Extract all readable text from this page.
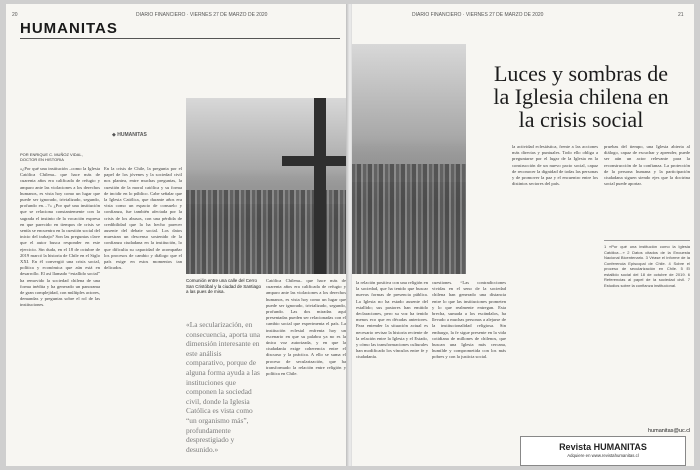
20	DIARIO FINANCIERO · VIERNES 27 DE MARZO DE 2020
HUMANITAS
◆ HUMANITAS
POR ENRIQUE C. MUÑOZ VIDAL, DOCTOR EN HISTORIA
«¿Por qué una institución –como la Iglesia Católica Chilena– que hace más de cuarenta años era calificada de refugio y amparo ante las violaciones a los derechos humanos, es vista hoy como un lugar que puede ser ignorado, trivializado, segundo, profundo en…?» ¿Por qué una institución que se relaciona constantemente con la sagrada el instinto de la vocación expresa en que parecido en tiempos de crisis se sentía se encuentra en la cuestión social del inicio del trabajo? Son las preguntas clave que el autor busca responder en este ejercicio. Sin duda, en el 18 de octubre de 2019 marcó la historia de Chile en el Siglo XXI. En él convergió una crisis social, política y económica que aún está en desarrollo. El así llamado “estallido social” ha removido la sociedad chilena de una forma inédita y ha generado un panorama de gran complejidad, con múltiples actores, demandas y preguntas sobre el rol de las instituciones.
En la crisis de Chile, la pregunta por el papel de los jóvenes y la sociedad civil nos plantea, entre muchas preguntas, la cuestión de la moral católica y su forma de incidir en lo público. Cabe señalar que la Iglesia Católica, que durante años era vista como un espacio de consuelo y confianza, fue también afectada por la crisis de los abusos, con una pérdida de credibilidad que la ha hecho parecer ausente del debate social. Los datos muestran un descenso sostenido de la confianza ciudadana en la institución, lo que dificulta su capacidad de acompañar los procesos de cambio y diálogo que el país exige en estos momentos tan delicados.
Comunión entre una calle del Cerro San Cristóbal y la ciudad de Santiago a las pues de misa.
«La secularización, en consecuencia, aporta una dimensión interesante en este análisis comparativo, porque de alguna forma ayuda a las instituciones que componen la sociedad civil, donde la Iglesia Católica es vista como “un organismo más”, profundamente desprestigiado y desunido.»
Católica Chilena– que hace más de cuarenta años era calificada de refugio y amparo ante las violaciones a los derechos humanos, es vista hoy como un lugar que puede ser ignorado, trivializado, segundo, profundo. Las dos miradas aquí presentadas pueden ser relacionadas con el cambio social que experimenta el país. La institución eclesial enfrenta hoy un escenario en que su palabra ya no es la única voz autorizada, y en que la ciudadanía exige coherencia entre el discurso y la práctica. A ello se suma el proceso de secularización, que ha transformado la relación entre religión y política en Chile.
DIARIO FINANCIERO · VIERNES 27 DE MARZO DE 2020	21
Luces y sombras de
la Iglesia chilena en
la crisis social
la relación positiva con una religión en la sociedad, que ha tenido que buscar nuevas formas de presencia pública. La Iglesia no ha estado ausente del estallido; sus pastores han emitido declaraciones, pero su voz ha tenido menos eco que en décadas anteriores. Para entender la situación actual es necesario revisar la historia reciente de la relación entre la Iglesia y el Estado, y cómo las transformaciones culturales han modificado los vínculos entre fe y ciudadanía.
cuestiones. “Las contradicciones vividas en el seno de la sociedad chilena han generado una distancia entre lo que las instituciones prometen y lo que realmente entregan. Esta brecha, sumada a los escándalos, ha llevado a muchas personas a alejarse de la institucionalidad religiosa. Sin embargo, la fe sigue presente en la vida cotidiana de millones de chilenos, que buscan una Iglesia más cercana, humilde y comprometida con los más pobres y con la justicia social.
la actividad eclesiástica, frente a las acciones más directas y puntuales. Todo ello obliga a preguntarse por el lugar de la Iglesia en la construcción de un nuevo pacto social, capaz de reconocer la dignidad de todas las personas y de promover la paz y el encuentro entre los distintos sectores del país.
pruebas del tiempo, una Iglesia abierta al diálogo, capaz de escuchar y aprender, puede ser aún un actor relevante para la reconstrucción de la confianza. La protección de la persona humana y la participación ciudadana siguen siendo ejes que la doctrina social puede aportar.
1 «Por qué una institución como la Iglesia Católica…» 2 Datos citados de la Encuesta Nacional Bicentenario. 3 Véase el informe de la Conferencia Episcopal de Chile. 4 Sobre el proceso de secularización en Chile. 5 El estallido social del 18 de octubre de 2019. 6 Referencias al papel de la sociedad civil. 7 Estudios sobre la confianza institucional.
humanitas@uc.cl
Revista HUMANITAS
Adquiere en www.revistahumanitas.cl
